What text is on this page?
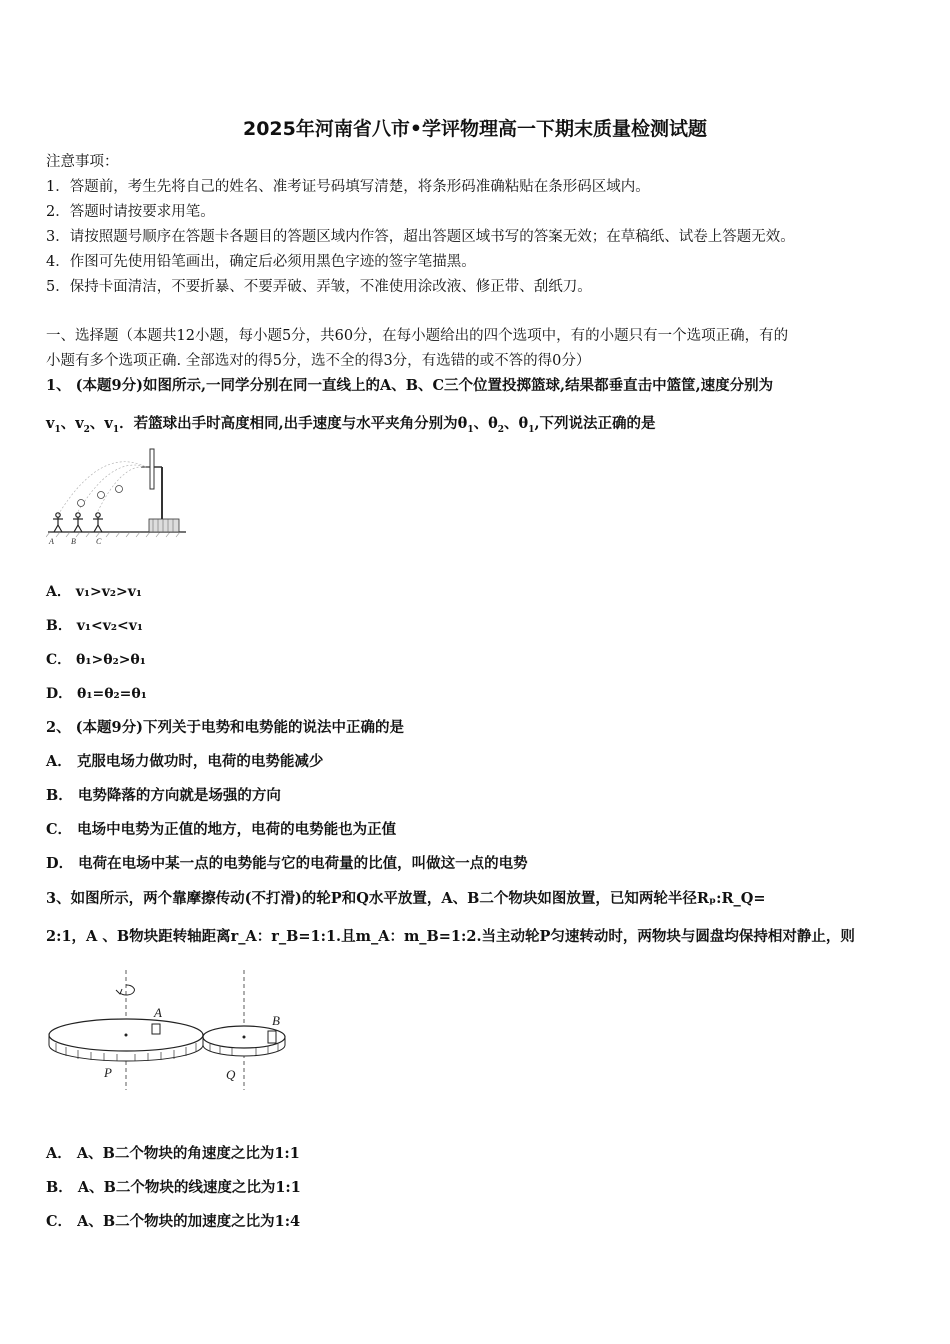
2025年河南省八市•学评物理高一下期末质量检测试题
注意事项：
1．答题前，考生先将自己的姓名、准考证号码填写清楚，将条形码准确粘贴在条形码区域内。
2．答题时请按要求用笔。
3．请按照题号顺序在答题卡各题目的答题区域内作答，超出答题区域书写的答案无效；在草稿纸、试卷上答题无效。
4．作图可先使用铅笔画出，确定后必须用黑色字迹的签字笔描黑。
5．保持卡面清洁，不要折暴、不要弄破、弄皱，不准使用涂改液、修正带、刮纸刀。
一、选择题（本题共12小题，每小题5分，共60分，在每小题给出的四个选项中，有的小题只有一个选项正确，有的
小题有多个选项正确. 全部选对的得5分，选不全的得3分，有选错的或不答的得0分）
1、 (本题9分)如图所示,一同学分别在同一直线上的A、B、C三个位置投掷篮球,结果都垂直击中篮筐,速度分别为
$v_1$、$v_2$、$v_1$．若篮球出手时高度相同,出手速度与水平夹角分别为$\theta_1$、$\theta_2$、$\theta_1$,下列说法正确的是
A B	C
A． v₁>v₂>v₁
B． v₁<v₂<v₁
C． θ₁>θ₂>θ₁
D． θ₁=θ₂=θ₁
2、 (本题9分)下列关于电势和电势能的说法中正确的是
A． 克服电场力做功时，电荷的电势能减少
B． 电势降落的方向就是场强的方向
C． 电场中电势为正值的地方，电荷的电势能也为正值
D． 电荷在电场中某一点的电势能与它的电荷量的比值，叫做这一点的电势
3、如图所示，两个靠摩擦传动(不打滑)的轮P和Q水平放置，A、B二个物块如图放置，已知两轮半径Rₚ:R_Q=
2:1，A 、B物块距转轴距离r_A：r_B=1:1.且m_A：m_B=1:2.当主动轮P匀速转动时，两物块与圆盘均保持相对静止，则
A
B
P	Q
A． A、B二个物块的角速度之比为1:1
B． A、B二个物块的线速度之比为1:1
C． A、B二个物块的加速度之比为1:4
